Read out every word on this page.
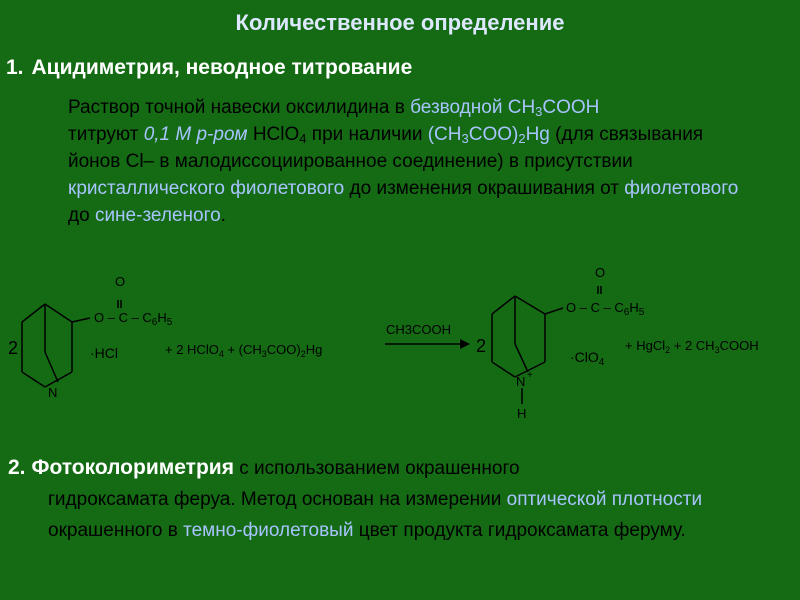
Количественное определение
1. Ацидиметрия, неводное титрование
Раствор точной навески оксилидина в безводной $CH_3COOH$
титруют 0,1 М р-ром HClO$_4$ при наличии $(CH_3COO)_2Hg$ (для связывания йонов Cl– в малодиссоциированное соединение) в присутствии кристаллического фиолетового до изменения окрашивания от фиолетового до сине-зеленого.
2
O
O – C – $C_6H_5$
N
·HCl	+ 2 HClO$_4$ + $(CH_3COO)_2Hg$
CH3COOH
2
O
O – C – $C_6H_5$
N +
H
·ClO$_4$
+ HgCl$_2$ + 2 $CH_3COOH$
2. Фотоколориметрия с использованием окрашенного
гидроксамата феруа. Метод основан на измерении оптической плотности окрашенного в темно-фиолетовый цвет продукта гидроксамата феруму.
